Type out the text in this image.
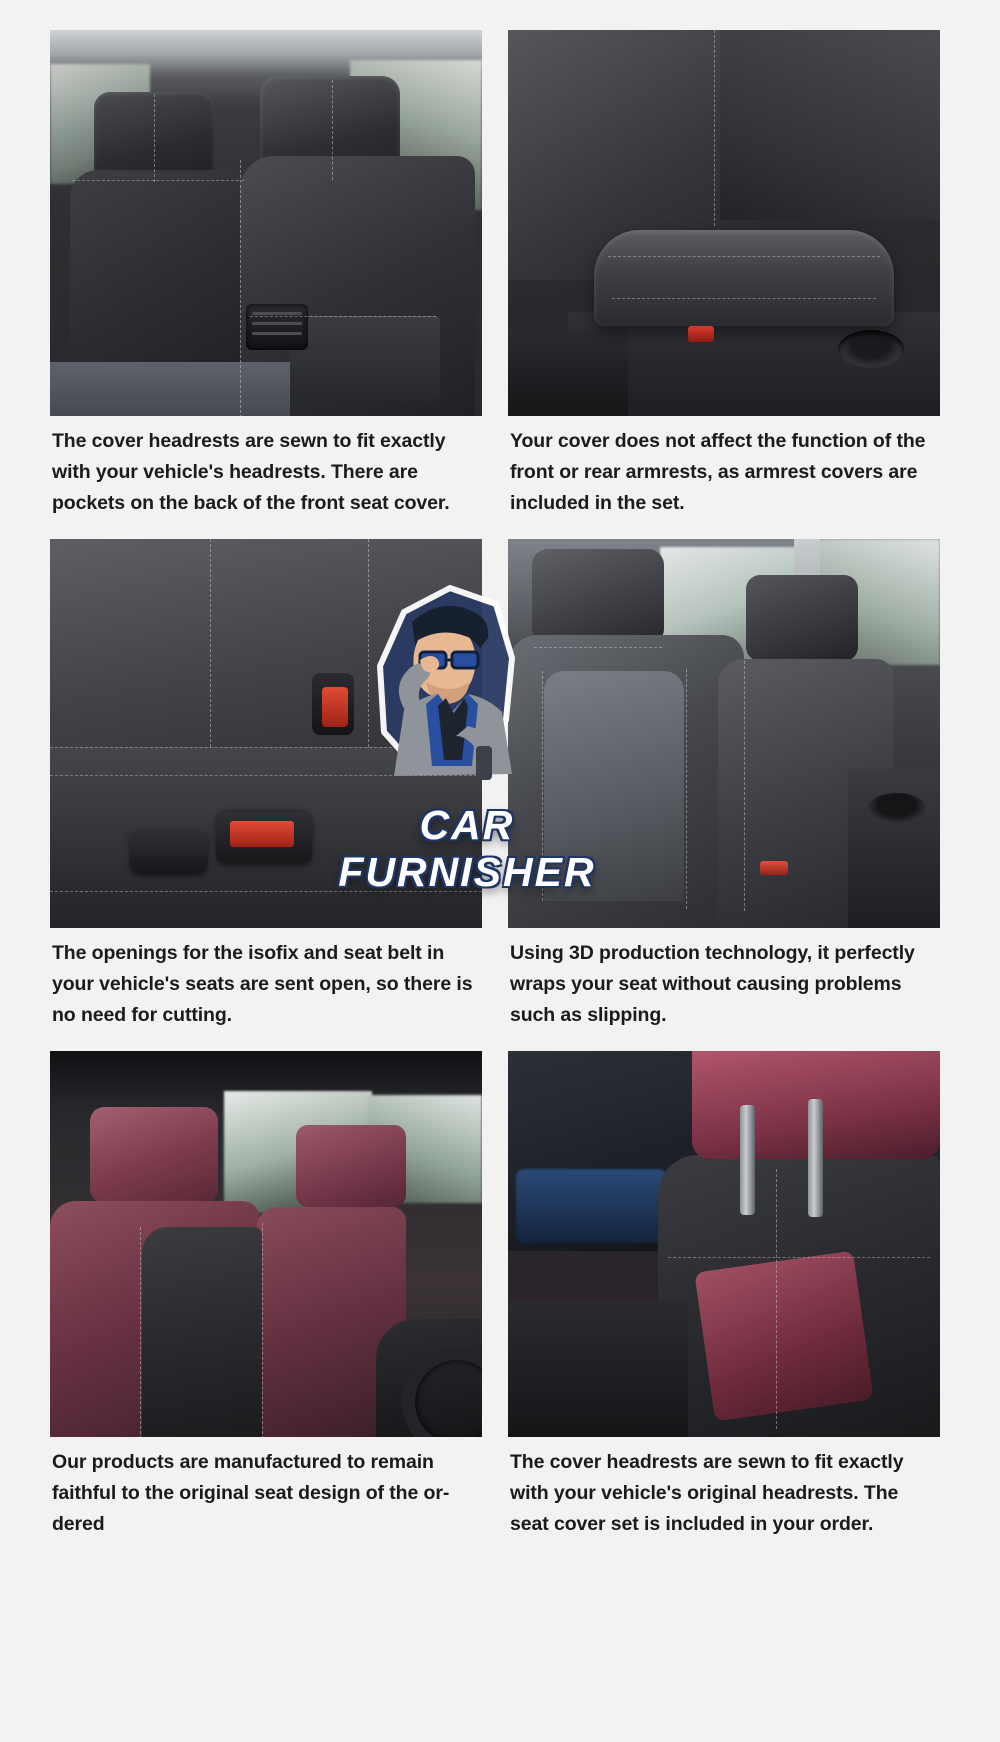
The cover headrests are sewn to fit exactly with your vehicle's headrests. There are pockets on the back of the front seat cover.
Your cover does not affect the function of the front or rear armrests, as armrest covers are included in the set.
The openings for the isofix and seat belt in your vehicle's seats are sent open, so there is no need for cutting.
Using 3D production technology, it perfectly wraps your seat without causing problems such as slipping.
Our products are manufactured to remain faithful to the original seat design of the or-dered
The cover headrests are sewn to fit exactly with your vehicle's original headrests. The seat cover set is included in your order.
CAR FURNISHER
